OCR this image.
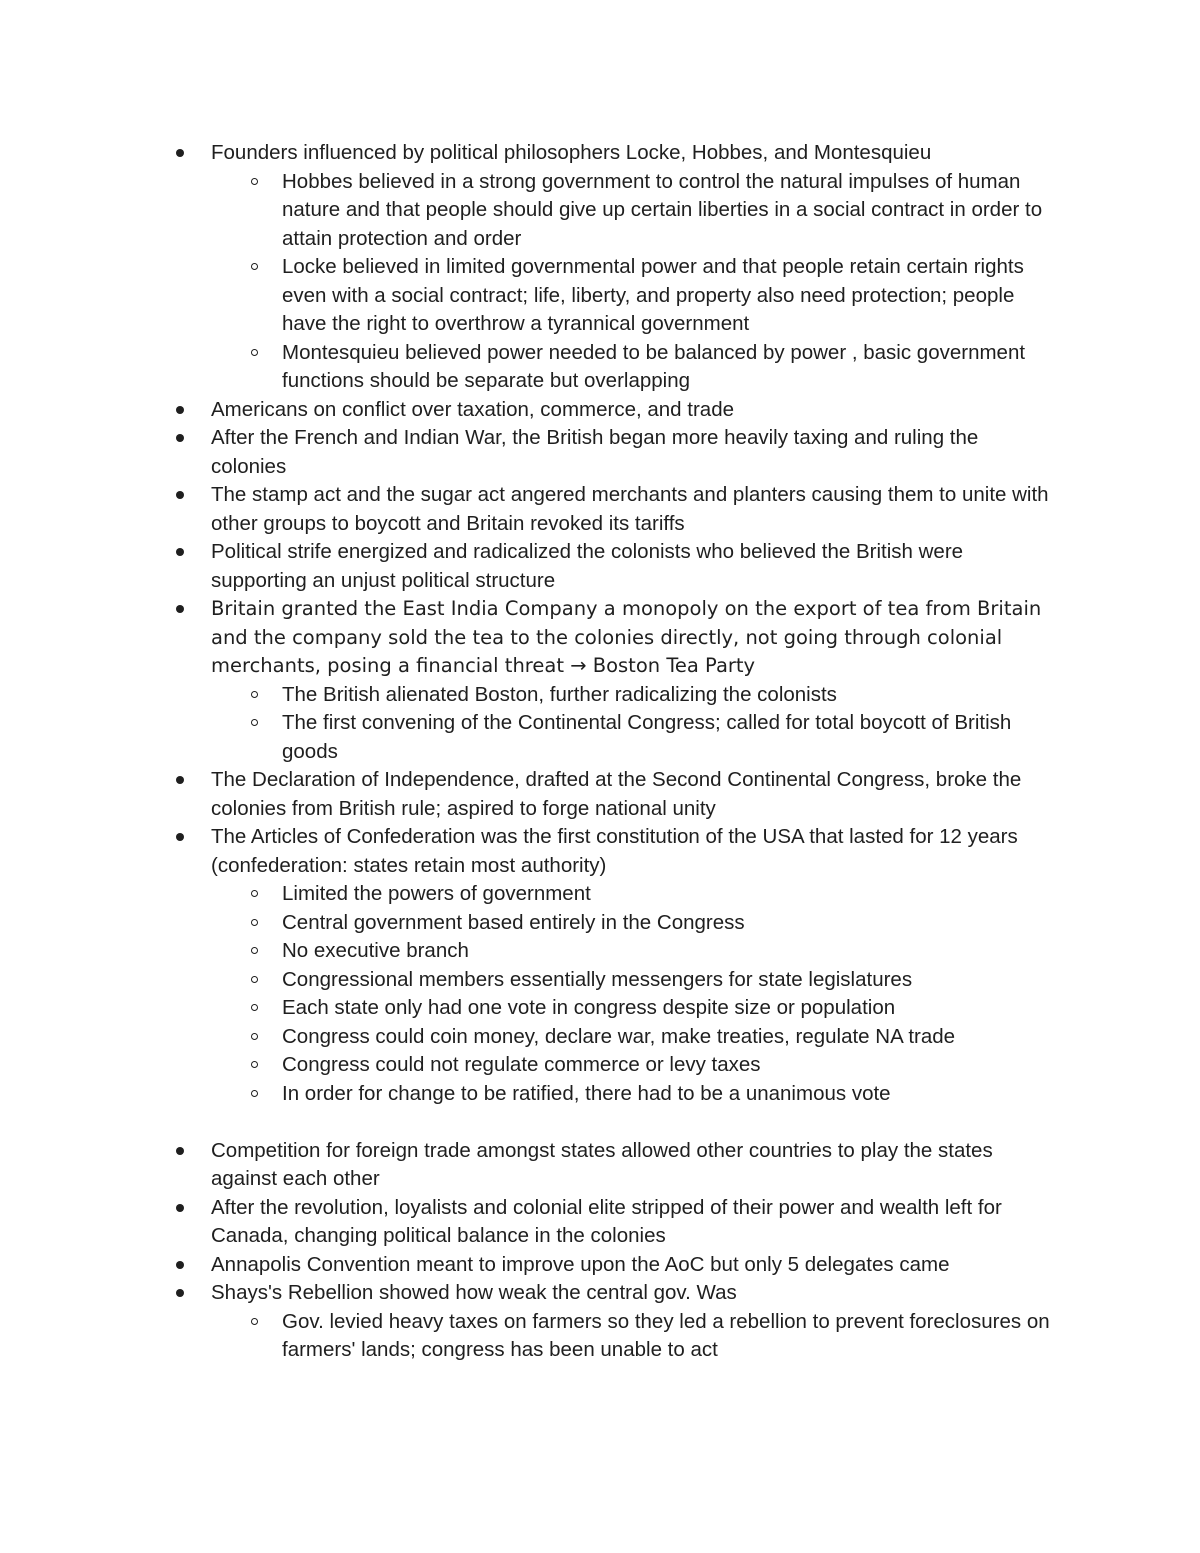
Founders influenced by political philosophers Locke, Hobbes, and Montesquieu
Hobbes believed in a strong government to control the natural impulses of human nature and that people should give up certain liberties in a social contract in order to attain protection and order
Locke believed in limited governmental power and that people retain certain rights even with a social contract; life, liberty, and property also need protection; people have the right to overthrow a tyrannical government
Montesquieu believed power needed to be balanced by power , basic government functions should be separate but overlapping
Americans on conflict over taxation, commerce, and trade
After the French and Indian War, the British began more heavily taxing and ruling the colonies
The stamp act and the sugar act angered merchants and planters causing them to unite with other groups to boycott and Britain revoked its tariffs
Political strife energized and radicalized the colonists who believed the British were supporting an unjust political structure
Britain granted the East India Company a monopoly on the export of tea from Britain and the company sold the tea to the colonies directly, not going through colonial merchants, posing a financial threat → Boston Tea Party
The British alienated Boston, further radicalizing the colonists
The first convening of the Continental Congress; called for total boycott of British goods
The Declaration of Independence, drafted at the Second Continental Congress, broke the colonies from British rule; aspired to forge national unity
The Articles of Confederation was the first constitution of the USA that lasted for 12 years (confederation: states retain most authority)
Limited the powers of government
Central government based entirely in the Congress
No executive branch
Congressional members essentially messengers for state legislatures
Each state only had one vote in congress despite size or population
Congress could coin money, declare war, make treaties, regulate NA trade
Congress could not regulate commerce or levy taxes
In order for change to be ratified, there had to be a unanimous vote
Competition for foreign trade amongst states allowed other countries to play the states against each other
After the revolution, loyalists and colonial elite stripped of their power and wealth left for Canada, changing political balance in the colonies
Annapolis Convention meant to improve upon the AoC but only 5 delegates came
Shays's Rebellion showed how weak the central gov. Was
Gov. levied heavy taxes on farmers so they led a rebellion to prevent foreclosures on farmers' lands; congress has been unable to act
